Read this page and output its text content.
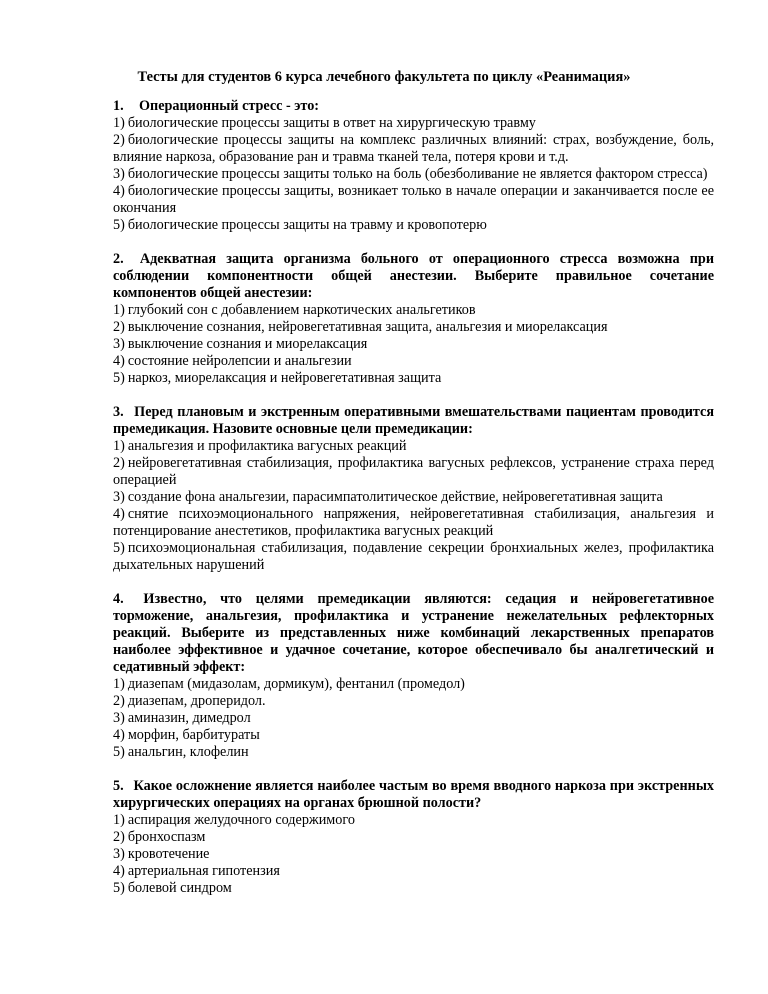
Тесты для студентов 6 курса лечебного факультета по циклу «Реанимация»
1.	Операционный стресс - это:
1) биологические процессы защиты в ответ на хирургическую травму
2) биологические процессы защиты на комплекс различных влияний: страх, возбуждение, боль, влияние наркоза, образование ран и травма тканей тела, потеря крови и т.д.
3) биологические процессы защиты только на боль (обезболивание не является фактором стресса)
4) биологические процессы защиты, возникает только в начале операции и заканчивается после ее окончания
5) биологические процессы защиты на травму и кровопотерю
2. Адекватная защита организма больного от операционного стресса возможна при соблюдении компонентности общей анестезии. Выберите правильное сочетание компонентов общей анестезии:
1) глубокий сон с добавлением наркотических анальгетиков
2) выключение сознания, нейровегетативная защита, анальгезия и миорелаксация
3) выключение сознания и миорелаксация
4) состояние нейролепсии и анальгезии
5) наркоз, миорелаксация и нейровегетативная защита
3. Перед плановым и экстренным оперативными вмешательствами пациентам проводится премедикация. Назовите основные цели премедикации:
1) анальгезия и профилактика вагусных реакций
2) нейровегетативная стабилизация, профилактика вагусных рефлексов, устранение страха перед операцией
3) создание фона анальгезии, парасимпатолитическое действие, нейровегетативная защита
4) снятие психоэмоционального напряжения, нейровегетативная стабилизация, анальгезия и потенцирование анестетиков, профилактика вагусных реакций
5) психоэмоциональная стабилизация, подавление секреции бронхиальных желез, профилактика дыхательных нарушений
4. Известно, что целями премедикации являются: седация и нейровегетативное торможение, анальгезия, профилактика и устранение нежелательных рефлекторных реакций. Выберите из представленных ниже комбинаций лекарственных препаратов наиболее эффективное и удачное сочетание, которое обеспечивало бы аналгетический и седативный эффект:
1) диазепам (мидазолам, дормикум), фентанил (промедол)
2) диазепам, дроперидол.
3) аминазин, димедрол
4) морфин, барбитураты
5) анальгин, клофелин
5. Какое осложнение является наиболее частым во время вводного наркоза при экстренных хирургических операциях на органах брюшной полости?
1) аспирация желудочного содержимого
2) бронхоспазм
3) кровотечение
4) артериальная гипотензия
5) болевой синдром
